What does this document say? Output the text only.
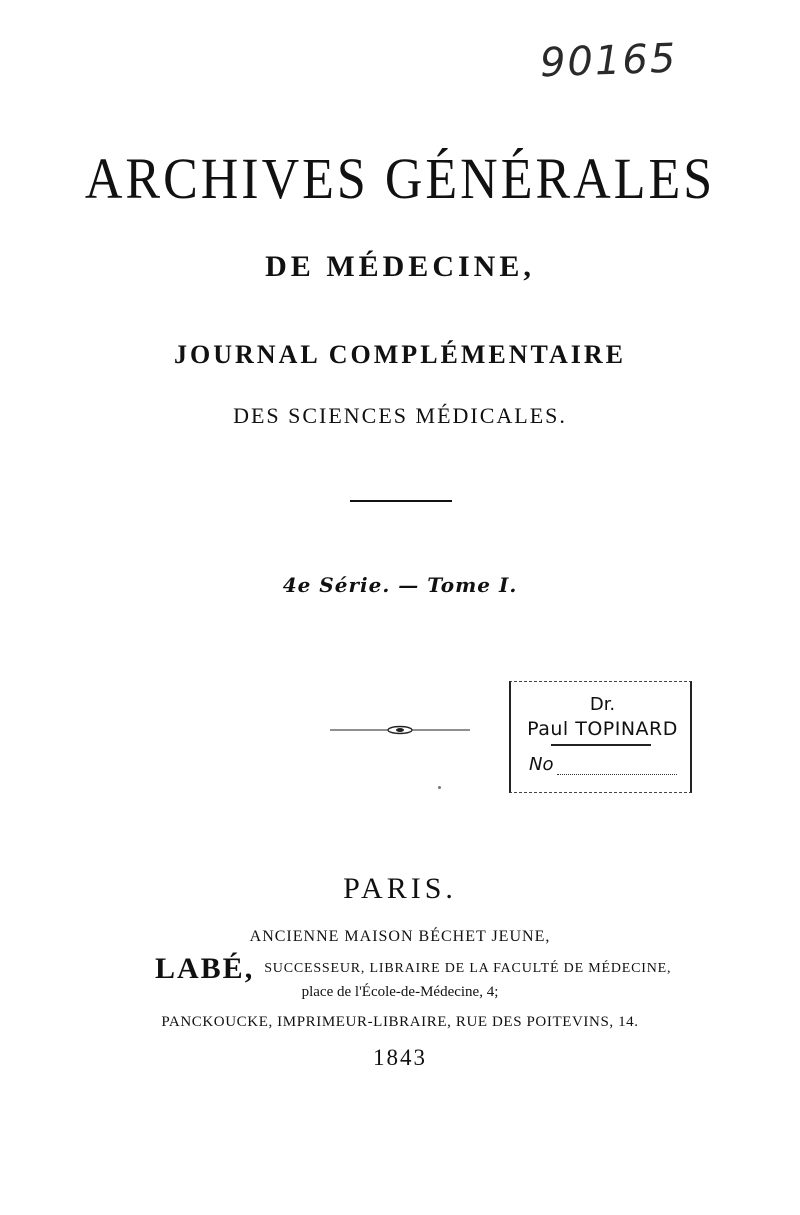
90165
ARCHIVES GÉNÉRALES
DE MÉDECINE,
JOURNAL COMPLÉMENTAIRE
DES SCIENCES MÉDICALES.
4e Série. — Tome I.
Dr.
Paul TOPINARD
No
PARIS.
ANCIENNE MAISON BÉCHET JEUNE,
LABÉ, SUCCESSEUR, LIBRAIRE DE LA FACULTÉ DE MÉDECINE,
place de l'École-de-Médecine, 4;
PANCKOUCKE, IMPRIMEUR-LIBRAIRE, RUE DES POITEVINS, 14.
1843
